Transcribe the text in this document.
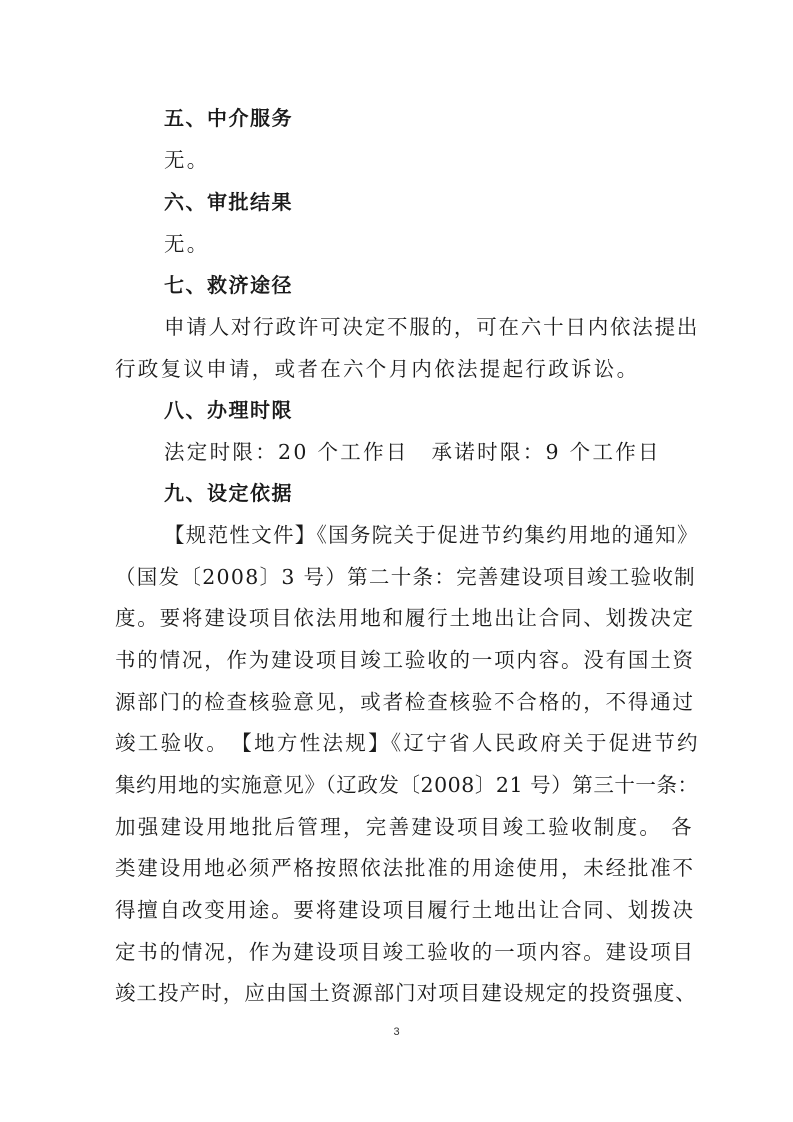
五、中介服务
无。
六、审批结果
无。
七、救济途径
申请人对行政许可决定不服的，可在六十日内依法提出
行政复议申请，或者在六个月内依法提起行政诉讼。
八、办理时限
法定时限：20 个工作日　承诺时限：9 个工作日
九、设定依据
【规范性文件】《国务院关于促进节约集约用地的通知》
（国发〔2008〕3 号）第二十条：完善建设项目竣工验收制
度。要将建设项目依法用地和履行土地出让合同、划拨决定
书的情况，作为建设项目竣工验收的一项内容。没有国土资
源部门的检查核验意见，或者检查核验不合格的，不得通过
竣工验收。　【地方性法规】《辽宁省人民政府关于促进节约
集约用地的实施意见》（辽政发〔2008〕21 号）第三十一条：
加强建设用地批后管理，完善建设项目竣工验收制度。 各
类建设用地必须严格按照依法批准的用途使用，未经批准不
得擅自改变用途。要将建设项目履行土地出让合同、划拨决
定书的情况，作为建设项目竣工验收的一项内容。建设项目
竣工投产时，应由国土资源部门对项目建设规定的投资强度、
3
